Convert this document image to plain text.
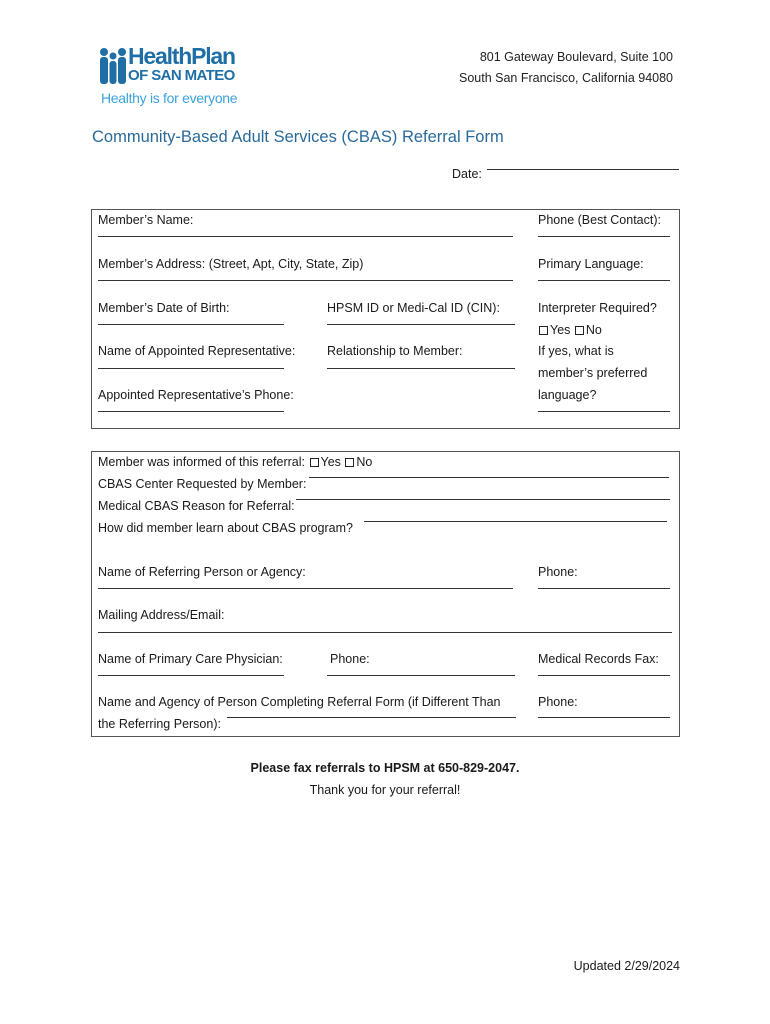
HealthPlan
OF SAN MATEO
Healthy is for everyone
801 Gateway Boulevard, Suite 100
South San Francisco, California 94080
Community-Based Adult Services (CBAS) Referral Form
Date:
Member’s Name:	Phone (Best Contact):
Member’s Address: (Street, Apt, City, State, Zip)	Primary Language:
Member’s Date of Birth:	HPSM ID or Medi-Cal ID (CIN):	Interpreter Required?
Yes No
Name of Appointed Representative:	Relationship to Member:	If yes, what is
member’s preferred
Appointed Representative’s Phone:	language?
Member was informed of this referral: Yes No
CBAS Center Requested by Member:
Medical CBAS Reason for Referral:
How did member learn about CBAS program?
Name of Referring Person or Agency:	Phone:
Mailing Address/Email:
Name of Primary Care Physician:	Phone:	Medical Records Fax:
Name and Agency of Person Completing Referral Form (if Different Than	Phone:
the Referring Person):
Please fax referrals to HPSM at 650-829-2047.
Thank you for your referral!
Updated 2/29/2024
